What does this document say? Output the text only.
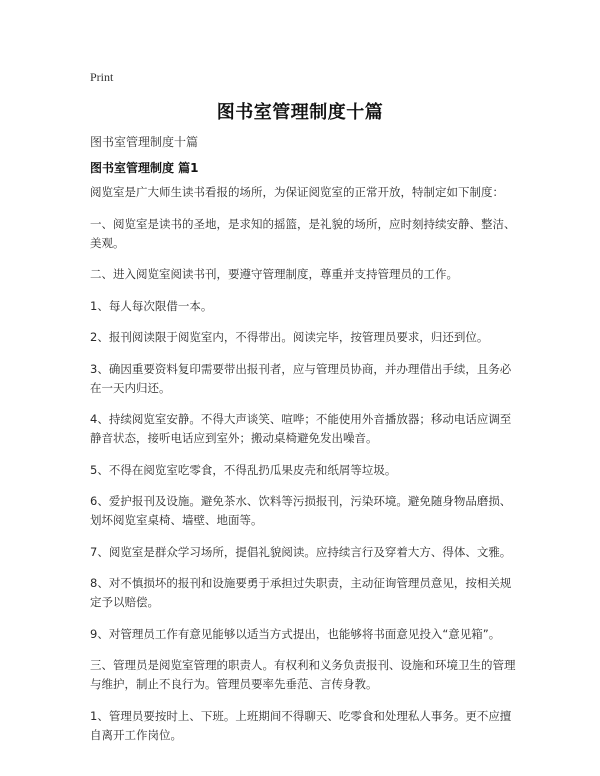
Print
图书室管理制度十篇
图书室管理制度十篇
图书室管理制度 篇1

阅览室是广大师生读书看报的场所，为保证阅览室的正常开放，特制定如下制度：

一、阅览室是读书的圣地，是求知的摇篮，是礼貌的场所，应时刻持续安静、整洁、美观。

二、进入阅览室阅读书刊，要遵守管理制度，尊重并支持管理员的工作。

1、每人每次限借一本。

2、报刊阅读限于阅览室内，不得带出。阅读完毕，按管理员要求，归还到位。

3、确因重要资料复印需要带出报刊者，应与管理员协商，并办理借出手续，且务必在一天内归还。

4、持续阅览室安静。不得大声谈笑、喧哗；不能使用外音播放器；移动电话应调至静音状态，接听电话应到室外；搬动桌椅避免发出噪音。

5、不得在阅览室吃零食，不得乱扔瓜果皮壳和纸屑等垃圾。

6、爱护报刊及设施。避免茶水、饮料等污损报刊，污染环境。避免随身物品磨损、划坏阅览室桌椅、墙壁、地面等。

7、阅览室是群众学习场所，提倡礼貌阅读。应持续言行及穿着大方、得体、文雅。

8、对不慎损坏的报刊和设施要勇于承担过失职责，主动征询管理员意见，按相关规定予以赔偿。

9、对管理员工作有意见能够以适当方式提出，也能够将书面意见投入“意见箱”。

三、管理员是阅览室管理的职责人。有权利和义务负责报刊、设施和环境卫生的管理与维护，制止不良行为。管理员要率先垂范、言传身教。

1、管理员要按时上、下班。上班期间不得聊天、吃零食和处理私人事务。更不应擅自离开工作岗位。
